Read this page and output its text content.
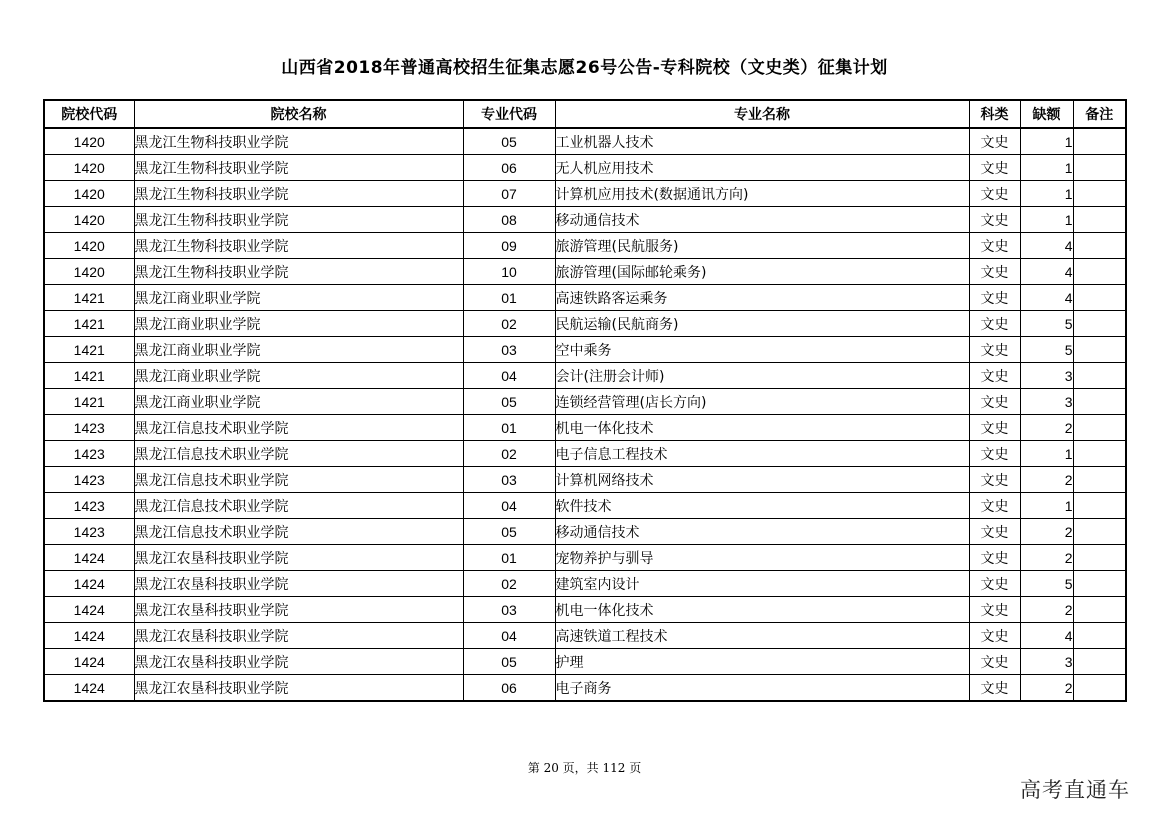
山西省2018年普通高校招生征集志愿26号公告-专科院校（文史类）征集计划
院校代码	院校名称	专业代码	专业名称	科类	缺额	备注
1420	黑龙江生物科技职业学院	05	工业机器人技术	文史	1	
1420	黑龙江生物科技职业学院	06	无人机应用技术	文史	1	
1420	黑龙江生物科技职业学院	07	计算机应用技术(数据通讯方向)	文史	1	
1420	黑龙江生物科技职业学院	08	移动通信技术	文史	1	
1420	黑龙江生物科技职业学院	09	旅游管理(民航服务)	文史	4	
1420	黑龙江生物科技职业学院	10	旅游管理(国际邮轮乘务)	文史	4	
1421	黑龙江商业职业学院	01	高速铁路客运乘务	文史	4	
1421	黑龙江商业职业学院	02	民航运输(民航商务)	文史	5	
1421	黑龙江商业职业学院	03	空中乘务	文史	5	
1421	黑龙江商业职业学院	04	会计(注册会计师)	文史	3	
1421	黑龙江商业职业学院	05	连锁经营管理(店长方向)	文史	3	
1423	黑龙江信息技术职业学院	01	机电一体化技术	文史	2	
1423	黑龙江信息技术职业学院	02	电子信息工程技术	文史	1	
1423	黑龙江信息技术职业学院	03	计算机网络技术	文史	2	
1423	黑龙江信息技术职业学院	04	软件技术	文史	1	
1423	黑龙江信息技术职业学院	05	移动通信技术	文史	2	
1424	黑龙江农垦科技职业学院	01	宠物养护与驯导	文史	2	
1424	黑龙江农垦科技职业学院	02	建筑室内设计	文史	5	
1424	黑龙江农垦科技职业学院	03	机电一体化技术	文史	2	
1424	黑龙江农垦科技职业学院	04	高速铁道工程技术	文史	4	
1424	黑龙江农垦科技职业学院	05	护理	文史	3	
1424	黑龙江农垦科技职业学院	06	电子商务	文史	2	
第 20 页，共 112 页
高考直通车
